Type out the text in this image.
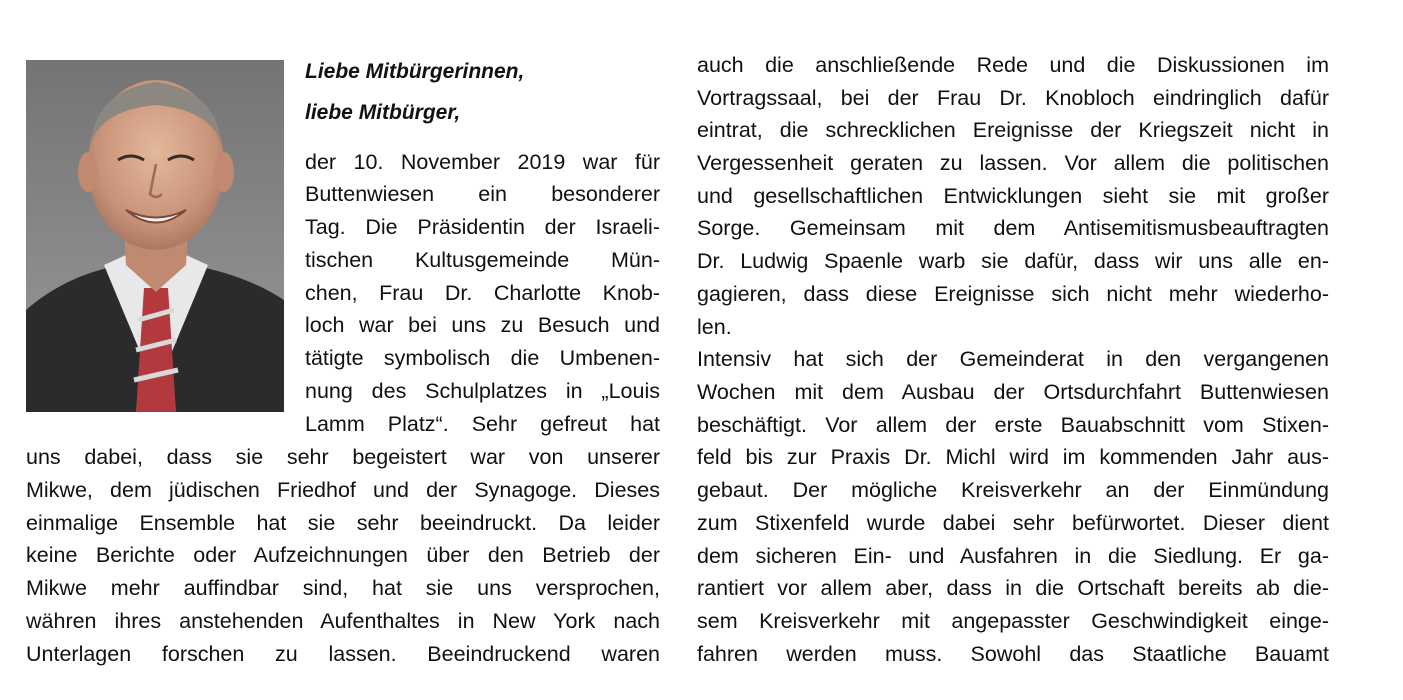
Liebe Mitbürgerinnen,
liebe Mitbürger,
der 10. November 2019 war für
Buttenwiesen ein besonderer
Tag. Die Präsidentin der Israeli-
tischen Kultusgemeinde Mün-
chen, Frau Dr. Charlotte Knob-
loch war bei uns zu Besuch und
tätigte symbolisch die Umbenen-
nung des Schulplatzes in „Louis
Lamm Platz“. Sehr gefreut hat
uns dabei, dass sie sehr begeistert war von unserer
Mikwe, dem jüdischen Friedhof und der Synagoge. Dieses
einmalige Ensemble hat sie sehr beeindruckt. Da leider
keine Berichte oder Aufzeichnungen über den Betrieb der
Mikwe mehr auffindbar sind, hat sie uns versprochen,
währen ihres anstehenden Aufenthaltes in New York nach
Unterlagen forschen zu lassen. Beeindruckend waren
auch die anschließende Rede und die Diskussionen im
Vortragssaal, bei der Frau Dr. Knobloch eindringlich dafür
eintrat, die schrecklichen Ereignisse der Kriegszeit nicht in
Vergessenheit geraten zu lassen. Vor allem die politischen
und gesellschaftlichen Entwicklungen sieht sie mit großer
Sorge. Gemeinsam mit dem Antisemitismusbeauftragten
Dr. Ludwig Spaenle warb sie dafür, dass wir uns alle en-
gagieren, dass diese Ereignisse sich nicht mehr wiederho-
len.
Intensiv hat sich der Gemeinderat in den vergangenen
Wochen mit dem Ausbau der Ortsdurchfahrt Buttenwiesen
beschäftigt. Vor allem der erste Bauabschnitt vom Stixen-
feld bis zur Praxis Dr. Michl wird im kommenden Jahr aus-
gebaut. Der mögliche Kreisverkehr an der Einmündung
zum Stixenfeld wurde dabei sehr befürwortet. Dieser dient
dem sicheren Ein- und Ausfahren in die Siedlung. Er ga-
rantiert vor allem aber, dass in die Ortschaft bereits ab die-
sem Kreisverkehr mit angepasster Geschwindigkeit einge-
fahren werden muss. Sowohl das Staatliche Bauamt
